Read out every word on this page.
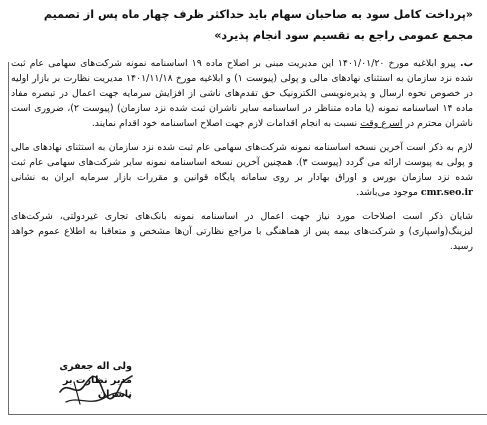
«پرداخت کامل سود به صاحبان سهام باید حداکثر ظرف چهار ماه پس از تصمیم مجمع عمومی راجع به تقسیم سود انجام پذیرد»

ب. پیرو ابلاغیه مورخ ۱۴۰۱/۰۱/۲۰ این مدیریت مبنی بر اصلاح ماده ۱۹ اساسنامه نمونه شرکت‌های سهامی عام ثبت شده نزد سازمان به استثنای نهادهای مالی و پولی (پیوست ۱) و ابلاغیه مورخ ۱۴۰۱/۱۱/۱۸ مدیریت نظارت بر بازار اولیه در خصوص نحوه ارسال و پذیره‌نویسی الکترونیک حق تقدم‌های ناشی از افزایش سرمایه جهت اعمال در تبصره مفاد ماده ۱۴ اساسنامه نمونه (یا ماده متناظر در اساسنامه سایر ناشران ثبت شده نزد سازمان) (پیوست ۲)، ضروری است ناشران محترم در اسرع وقت نسبت به انجام اقدامات لازم جهت اصلاح اساسنامه خود اقدام نمایند.

لازم به ذکر است آخرین نسخه اساسنامه نمونه شرکت‌های سهامی عام ثبت شده نزد سازمان به استثنای نهادهای مالی و پولی به پیوست ارائه می گردد (پیوست ۳). همچنین آخرین نسخه اساسنامه نمونه سایر شرکت‌های سهامی عام ثبت شده نزد سازمان بورس و اوراق بهادار بر روی سامانه پایگاه قوانین و مقررات بازار سرمایه ایران به نشانی cmr.seo.ir موجود می‌باشد.

شایان ذکر است اصلاحات مورد نیاز جهت اعمال در اساسنامه نمونه بانک‌های تجاری غیردولتی، شرکت‌های لیزینگ(واسپاری) و شرکت‌های بیمه پس از هماهنگی با مراجع نظارتی آن‌ها مشخص و متعاقبا به اطلاع عموم خواهد رسید.

ولی اله جعفری
مدیر نظارت بر ناشران
